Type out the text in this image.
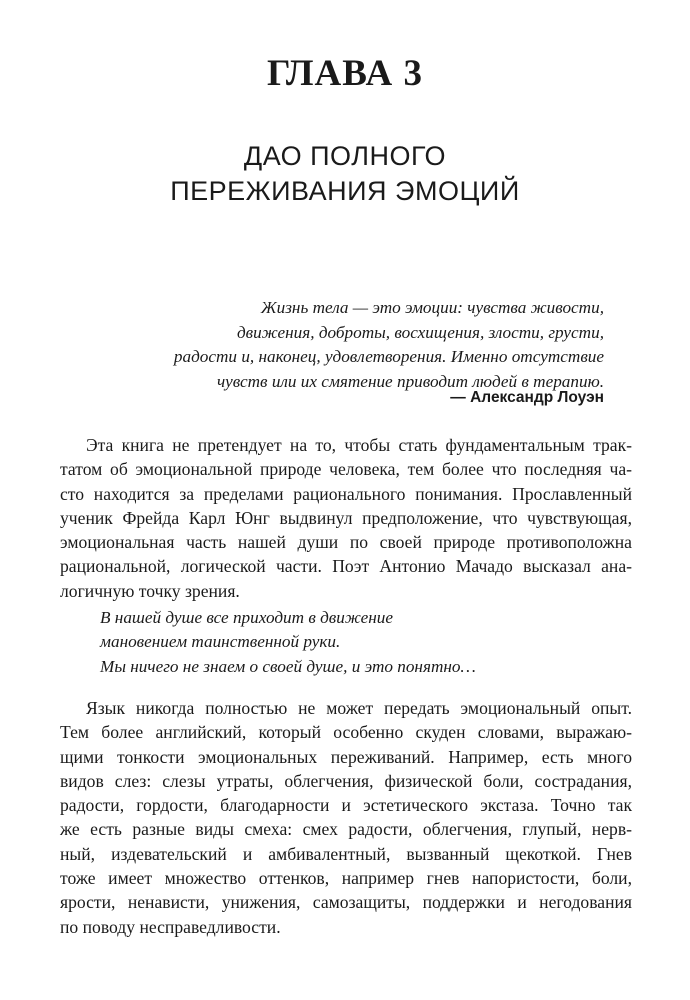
ГЛАВА 3
ДАО ПОЛНОГО
ПЕРЕЖИВАНИЯ ЭМОЦИЙ
Жизнь тела — это эмоции: чувства живости,
движения, доброты, восхищения, злости, грусти,
радости и, наконец, удовлетворения. Именно отсутствие
чувств или их смятение приводит людей в терапию.
— Александр Лоуэн
Эта книга не претендует на то, чтобы стать фундаментальным трак-
татом об эмоциональной природе человека, тем более что последняя ча-
сто находится за пределами рационального понимания. Прославленный
ученик Фрейда Карл Юнг выдвинул предположение, что чувствующая,
эмоциональная часть нашей души по своей природе противоположна
рациональной, логической части. Поэт Антонио Мачадо высказал ана-
логичную точку зрения.
В нашей душе все приходит в движение
мановением таинственной руки.
Мы ничего не знаем о своей душе, и это понятно…
Язык никогда полностью не может передать эмоциональный опыт.
Тем более английский, который особенно скуден словами, выражаю-
щими тонкости эмоциональных переживаний. Например, есть много
видов слез: слезы утраты, облегчения, физической боли, сострадания,
радости, гордости, благодарности и эстетического экстаза. Точно так
же есть разные виды смеха: смех радости, облегчения, глупый, нерв-
ный, издевательский и амбивалентный, вызванный щекоткой. Гнев
тоже имеет множество оттенков, например гнев напористости, боли,
ярости, ненависти, унижения, самозащиты, поддержки и негодования
по поводу несправедливости.
